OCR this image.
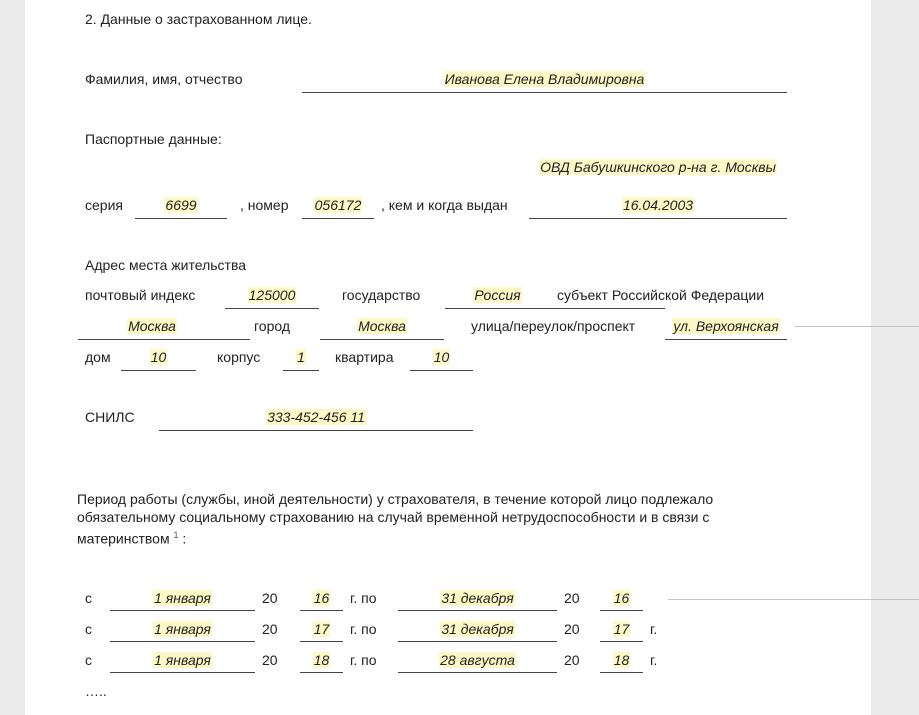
2. Данные о застрахованном лице.
Фамилия, имя, отчество	Иванова Елена Владимировна
Паспортные данные:
ОВД Бабушкинского р-на г. Москвы
серия	6699	, номер	056172	, кем и когда выдан	16.04.2003
Адрес места жительства
почтовый индекс	125000	государство	Россия	субъект Российской Федерации
Москва	город	Москва	улица/переулок/проспект	ул. Верхоянская
дом	10	корпус	1	квартира	10
СНИЛС	333-452-456 11
Период работы (службы, иной деятельности) у страхователя, в течение которой лицо подлежало обязательному социальному страхованию на случай временной нетрудоспособности и в связи с материнством $^1$ :
с	1 января	20	16	г. по	31 декабря	20	16
с	1 января	20	17	г. по	31 декабря	20	17	г.
с	1 января	20	18	г. по	28 августа	20	18	г.
…..
